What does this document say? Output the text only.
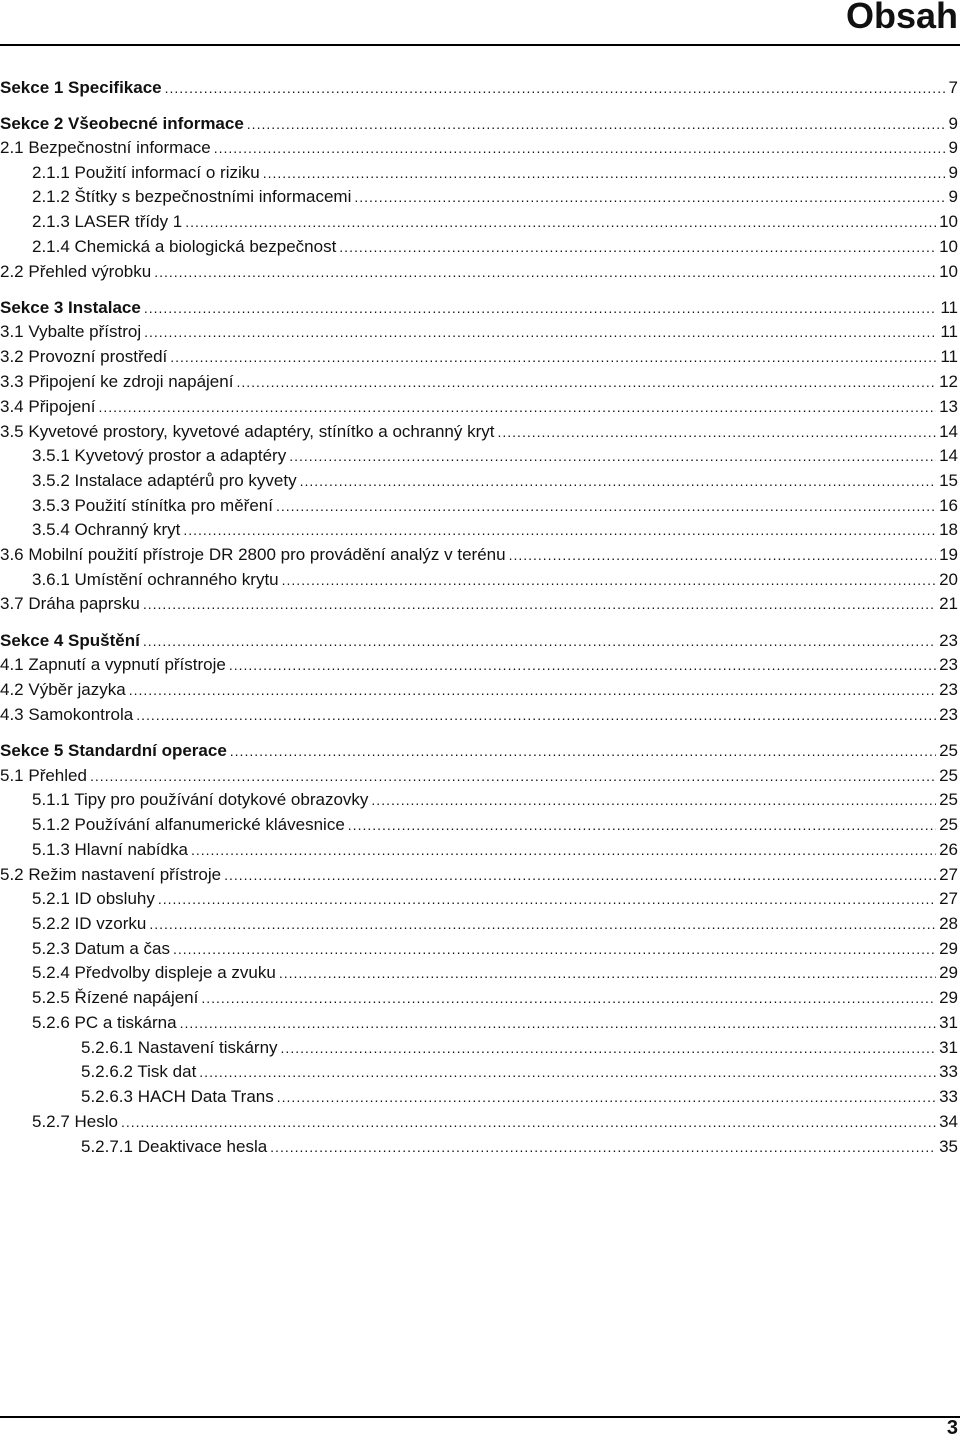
Obsah
Sekce 1 Specifikace .....	7
Sekce 2 Všeobecné informace .....	9
2.1 Bezpečnostní informace .....	9
2.1.1 Použití informací o riziku .....	9
2.1.2 Štítky s bezpečnostními informacemi .....	9
2.1.3 LASER třídy 1 .....	10
2.1.4 Chemická a biologická bezpečnost .....	10
2.2 Přehled výrobku .....	10
Sekce 3 Instalace .....	11
3.1 Vybalte přístroj .....	11
3.2 Provozní prostředí .....	11
3.3 Připojení ke zdroji napájení .....	12
3.4 Připojení .....	13
3.5 Kyvetové prostory, kyvetové adaptéry, stínítko a ochranný kryt .....	14
3.5.1 Kyvetový prostor a adaptéry .....	14
3.5.2 Instalace adaptérů pro kyvety .....	15
3.5.3 Použití stínítka pro měření .....	16
3.5.4 Ochranný kryt .....	18
3.6 Mobilní použití přístroje DR 2800 pro provádění analýz v terénu .....	19
3.6.1 Umístění ochranného krytu .....	20
3.7 Dráha paprsku .....	21
Sekce 4 Spuštění .....	23
4.1 Zapnutí a vypnutí přístroje .....	23
4.2 Výběr jazyka .....	23
4.3 Samokontrola .....	23
Sekce 5 Standardní operace .....	25
5.1 Přehled .....	25
5.1.1 Tipy pro používání dotykové obrazovky .....	25
5.1.2 Používání alfanumerické klávesnice .....	25
5.1.3 Hlavní nabídka .....	26
5.2 Režim nastavení přístroje .....	27
5.2.1 ID obsluhy .....	27
5.2.2 ID vzorku .....	28
5.2.3 Datum a čas .....	29
5.2.4 Předvolby displeje a zvuku .....	29
5.2.5 Řízené napájení .....	29
5.2.6 PC a tiskárna .....	31
5.2.6.1 Nastavení tiskárny .....	31
5.2.6.2 Tisk dat .....	33
5.2.6.3 HACH Data Trans .....	33
5.2.7 Heslo .....	34
5.2.7.1 Deaktivace hesla .....	35
3
